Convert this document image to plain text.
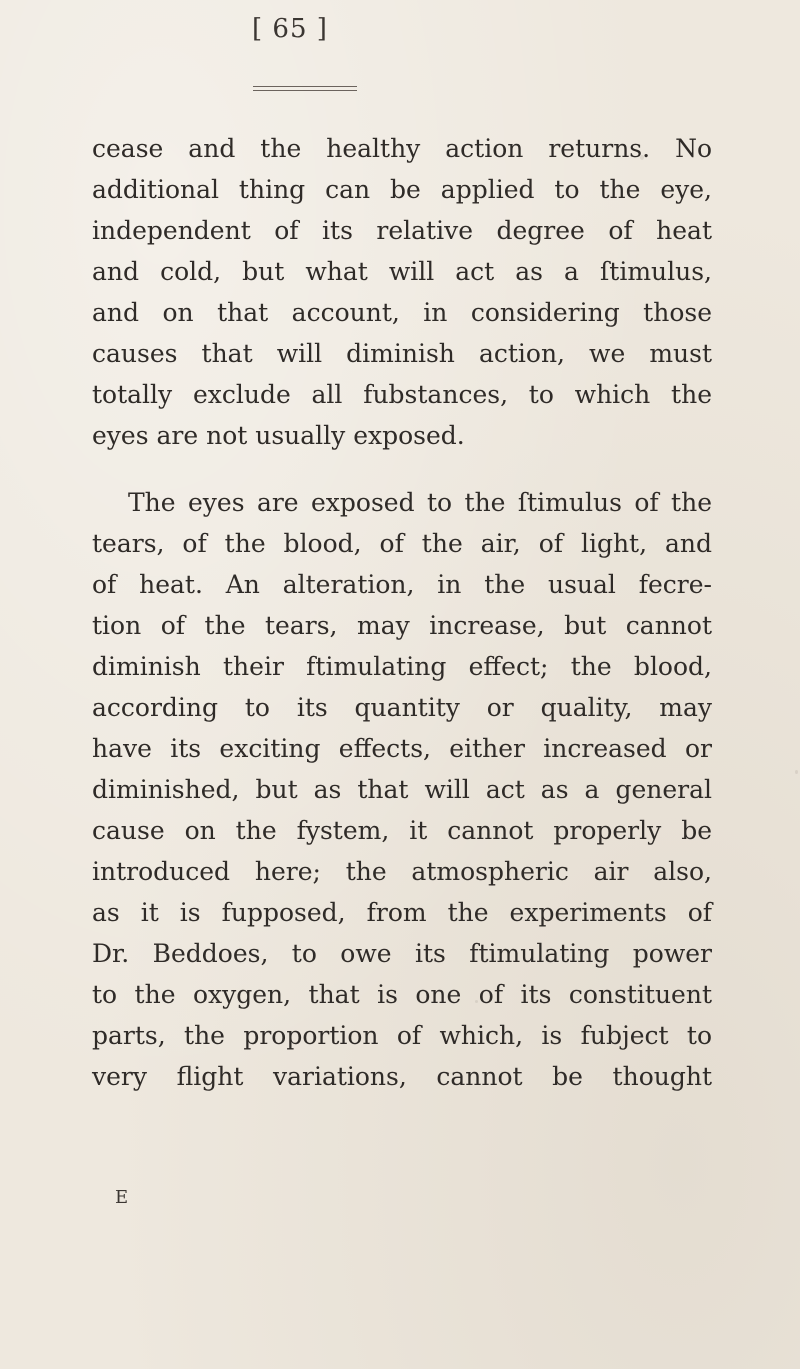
[ 65 ]
cease and the healthy action returns. No
additional thing can be applied to the eye,
independent of its relative degree of heat
and cold, but what will act as a ſtimulus,
and on that account, in considering those
causes that will diminish action, we must
totally exclude all fubstances, to which the
eyes are not usually exposed.
The eyes are exposed to the ſtimulus of the
tears, of the blood, of the air, of light, and
of heat. An alteration, in the usual fecre-
tion of the tears, may increase, but cannot
diminish their ftimulating effect; the blood,
according to its quantity or quality, may
have its exciting effects, either increased or
diminished, but as that will act as a general
cause on the fystem, it cannot properly be
introduced here; the atmospheric air also,
as it is fupposed, from the experiments of
Dr. Beddoes, to owe its ftimulating power
to the oxygen, that is one of its constituent
parts, the proportion of which, is fubject to
very flight variations, cannot be thought
E
